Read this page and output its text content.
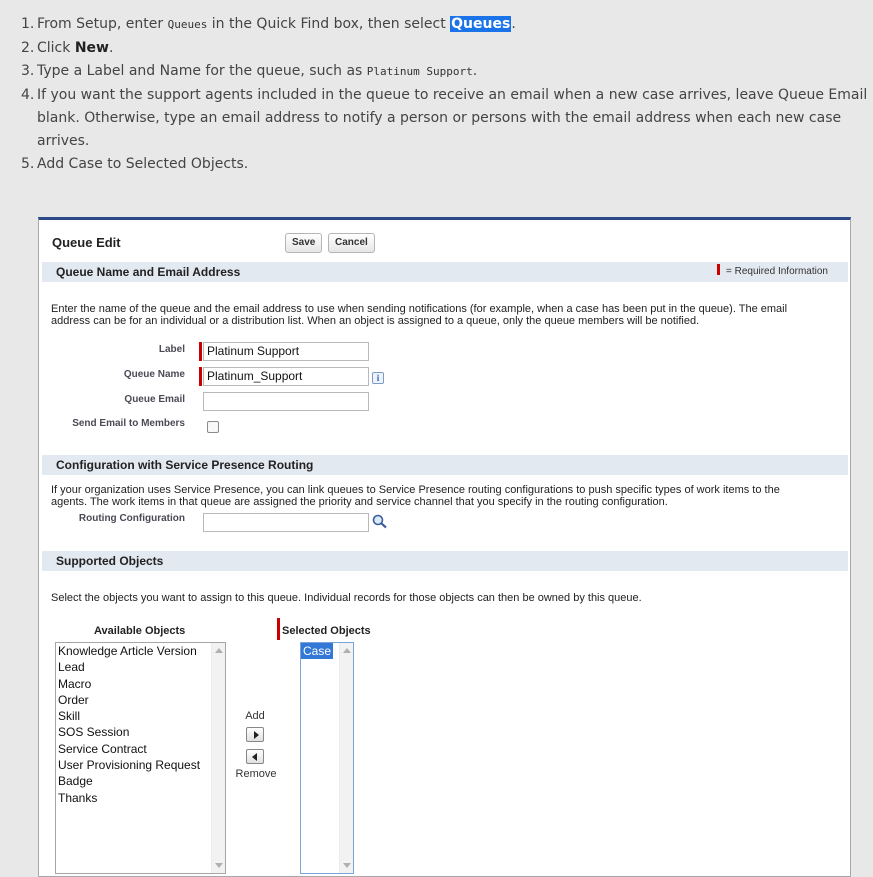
1. From Setup, enter Queues in the Quick Find box, then select Queues.
2. Click New.
3. Type a Label and Name for the queue, such as Platinum Support.
4. If you want the support agents included in the queue to receive an email when a new case arrives, leave Queue Email
blank. Otherwise, type an email address to notify a person or persons with the email address when each new case
arrives.
5. Add Case to Selected Objects.
Queue Edit	Save	Cancel
Queue Name and Email Address	= Required Information
Enter the name of the queue and the email address to use when sending notifications (for example, when a case has been put in the queue). The email
address can be for an individual or a distribution list. When an object is assigned to a queue, only the queue members will be notified.
Label	Platinum Support
Queue Name	Platinum_Support	i
Queue Email
Send Email to Members
Configuration with Service Presence Routing
If your organization uses Service Presence, you can link queues to Service Presence routing configurations to push specific types of work items to the
agents. The work items in that queue are assigned the priority and service channel that you specify in the routing configuration.
Routing Configuration
Supported Objects
Select the objects you want to assign to this queue. Individual records for those objects can then be owned by this queue.
Available Objects	Selected Objects
Knowledge Article Version
Lead
Macro
Order
Skill
SOS Session
Service Contract
User Provisioning Request
Badge
Thanks
Add
Remove
Case
